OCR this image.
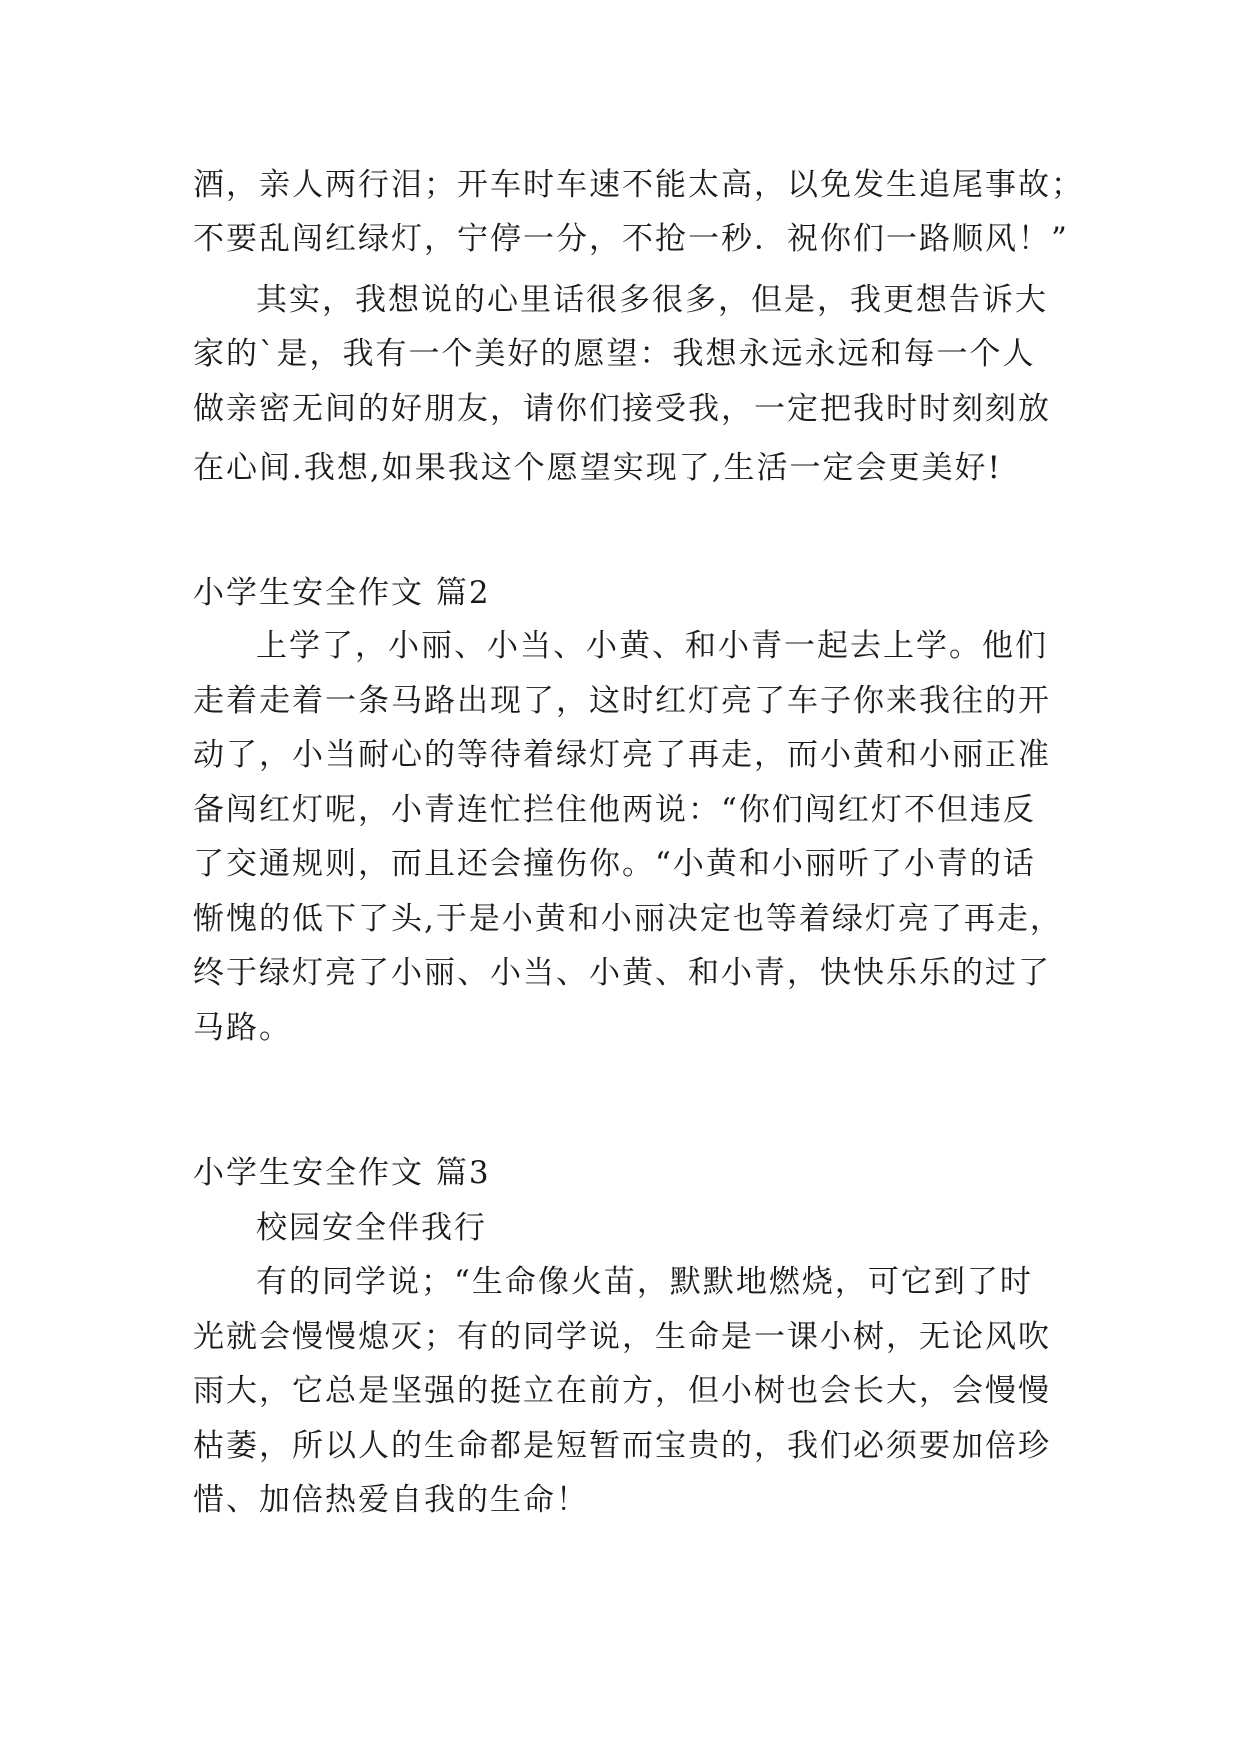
酒，亲人两行泪；开车时车速不能太高，以免发生追尾事故；
不要乱闯红绿灯，宁停一分，不抢一秒．祝你们一路顺风！”
其实，我想说的心里话很多很多，但是，我更想告诉大
家的`是，我有一个美好的愿望：我想永远永远和每一个人
做亲密无间的好朋友，请你们接受我，一定把我时时刻刻放
在心间.我想,如果我这个愿望实现了,生活一定会更美好!
小学生安全作文 篇2
上学了，小丽、小当、小黄、和小青一起去上学。他们
走着走着一条马路出现了，这时红灯亮了车子你来我往的开
动了，小当耐心的等待着绿灯亮了再走，而小黄和小丽正准
备闯红灯呢，小青连忙拦住他两说：“你们闯红灯不但违反
了交通规则，而且还会撞伤你。“小黄和小丽听了小青的话
惭愧的低下了头,于是小黄和小丽决定也等着绿灯亮了再走，
终于绿灯亮了小丽、小当、小黄、和小青，快快乐乐的过了
马路。
小学生安全作文 篇3
校园安全伴我行
有的同学说；“生命像火苗，默默地燃烧，可它到了时
光就会慢慢熄灭；有的同学说，生命是一课小树，无论风吹
雨大，它总是坚强的挺立在前方，但小树也会长大，会慢慢
枯萎，所以人的生命都是短暂而宝贵的，我们必须要加倍珍
惜、加倍热爱自我的生命！
